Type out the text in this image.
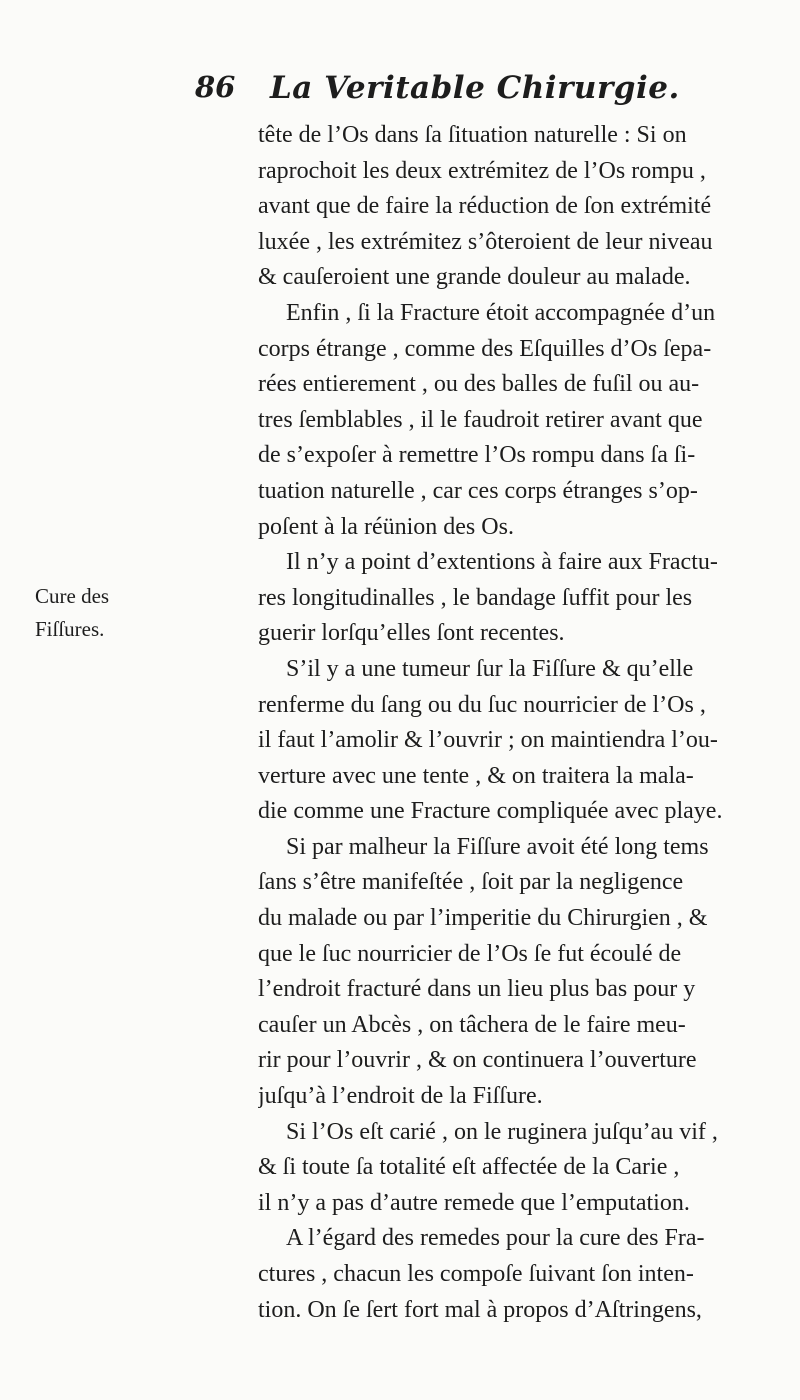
86 La Veritable Chirurgie.
Cure des
Fiſſures.
tête de l’Os dans ſa ſituation naturelle : Si on
raprochoit les deux extrémitez de l’Os rompu ,
avant que de faire la réduction de ſon extrémité
luxée , les extrémitez s’ôteroient de leur niveau
& cauſeroient une grande douleur au malade.
Enfin , ſi la Fracture étoit accompagnée d’un
corps étrange , comme des Eſquilles d’Os ſepa-
rées entierement , ou des balles de fuſil ou au-
tres ſemblables , il le faudroit retirer avant que
de s’expoſer à remettre l’Os rompu dans ſa ſi-
tuation naturelle , car ces corps étranges s’op-
poſent à la réünion des Os.
Il n’y a point d’extentions à faire aux Fractu-
res longitudinalles , le bandage ſuffit pour les
guerir lorſqu’elles ſont recentes.
S’il y a une tumeur ſur la Fiſſure & qu’elle
renferme du ſang ou du ſuc nourricier de l’Os ,
il faut l’amolir & l’ouvrir ; on maintiendra l’ou-
verture avec une tente , & on traitera la mala-
die comme une Fracture compliquée avec playe.
Si par malheur la Fiſſure avoit été long tems
ſans s’être manifeſtée , ſoit par la negligence
du malade ou par l’imperitie du Chirurgien , &
que le ſuc nourricier de l’Os ſe fut écoulé de
l’endroit fracturé dans un lieu plus bas pour y
cauſer un Abcès , on tâchera de le faire meu-
rir pour l’ouvrir , & on continuera l’ouverture
juſqu’à l’endroit de la Fiſſure.
Si l’Os eſt carié , on le ruginera juſqu’au vif ,
& ſi toute ſa totalité eſt affectée de la Carie ,
il n’y a pas d’autre remede que l’emputation.
A l’égard des remedes pour la cure des Fra-
ctures , chacun les compoſe ſuivant ſon inten-
tion. On ſe ſert fort mal à propos d’Aſtringens,
